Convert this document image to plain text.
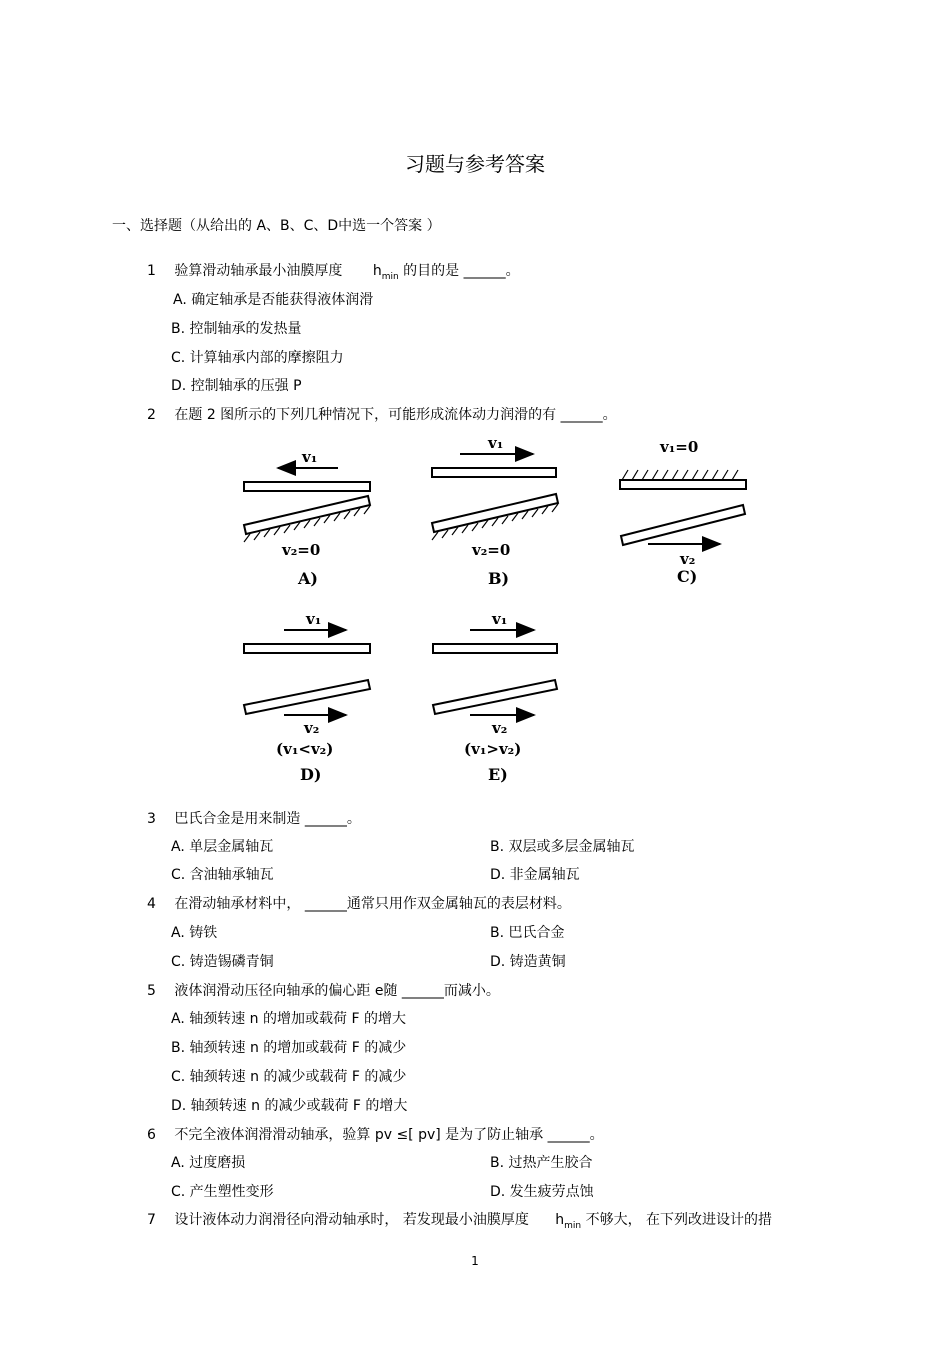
习题与参考答案
一、选择题（从给出的 A、B、C、D中选一个答案 ）
1 验算滑动轴承最小油膜厚度 $h_{min}$ 的目的是 ______。
A. 确定轴承是否能获得液体润滑
B. 控制轴承的发热量
C. 计算轴承内部的摩擦阻力
D. 控制轴承的压强 P
2 在题 2 图所示的下列几种情况下，可能形成流体动力润滑的有 ______。
v₁
v₂=0
A)
v₁
v₂=0
B)
v₁=0
v₂
C)
v₁
v₂
(v₁<v₂)
D)
v₁
v₂
(v₁>v₂)
E)
3 巴氏合金是用来制造 ______。
A. 单层金属轴瓦	B. 双层或多层金属轴瓦
C. 含油轴承轴瓦	D. 非金属轴瓦
4 在滑动轴承材料中， ______通常只用作双金属轴瓦的表层材料。
A. 铸铁	B. 巴氏合金
C. 铸造锡磷青铜	D. 铸造黄铜
5 液体润滑动压径向轴承的偏心距 e随 ______而减小。
A. 轴颈转速 n 的增加或载荷 F 的增大
B. 轴颈转速 n 的增加或载荷 F 的减少
C. 轴颈转速 n 的减少或载荷 F 的减少
D. 轴颈转速 n 的减少或载荷 F 的增大
6 不完全液体润滑滑动轴承，验算 pv ≤[ pv] 是为了防止轴承 ______。
A. 过度磨损	B. 过热产生胶合
C. 产生塑性变形	D. 发生疲劳点蚀
7 设计液体动力润滑径向滑动轴承时， 若发现最小油膜厚度 $h_{min}$ 不够大， 在下列改进设计的措
1
